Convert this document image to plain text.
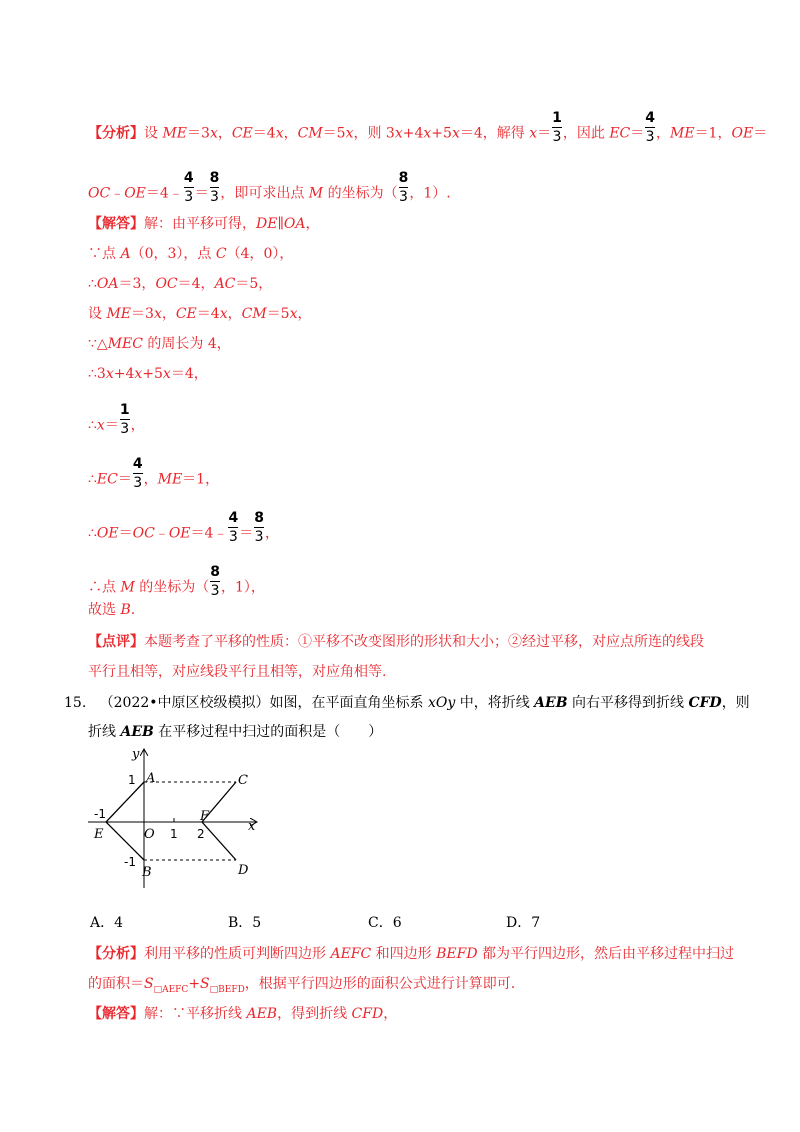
【分析】设 ME＝3x，CE＝4x，CM＝5x，则 3x+4x+5x＝4，解得 $x= \frac{1}{3}$ ，因此 $EC= \frac{4}{3}$ ，ME＝1，OE＝
OC﹣OE＝4﹣ $\frac{4}{3} = \frac{8}{3}$ ，即可求出点 M 的坐标为（ $\frac{8}{3}$ ，1）.
【解答】解：由平移可得，DE∥OA，
∵点 A（0，3），点 C（4，0），
∴OA＝3，OC＝4，AC＝5，
设 ME＝3x，CE＝4x，CM＝5x，
∵△MEC 的周长为 4，
∴3x+4x+5x＝4，
∴x＝ $\frac{1}{3}$ ，
∴EC＝ $\frac{4}{3}$ ，ME＝1，
∴OE＝OC﹣OE＝4﹣ $\frac{4}{3} = \frac{8}{3}$ ，
∴点 M 的坐标为（ $\frac{8}{3}$ ，1），
故选 B.
【点评】本题考查了平移的性质：①平移不改变图形的形状和大小；②经过平移，对应点所连的线段
平行且相等，对应线段平行且相等，对应角相等.
15. （2022•中原区校级模拟）如图，在平面直角坐标系 xOy 中，将折线 AEB 向右平移得到折线 CFD，则
折线 AEB 在平移过程中扫过的面积是（　　）
y
x
A	C
E
F
O
B	D
1 2
-1
1
-1
A．4	B．5	C．6	D．7
【分析】利用平移的性质可判断四边形 AEFC 和四边形 BEFD 都为平行四边形，然后由平移过程中扫过
的面积$=S_{□AEFC}+S_{□BEFD}$，根据平行四边形的面积公式进行计算即可.
【解答】解：∵平移折线 AEB，得到折线 CFD，
